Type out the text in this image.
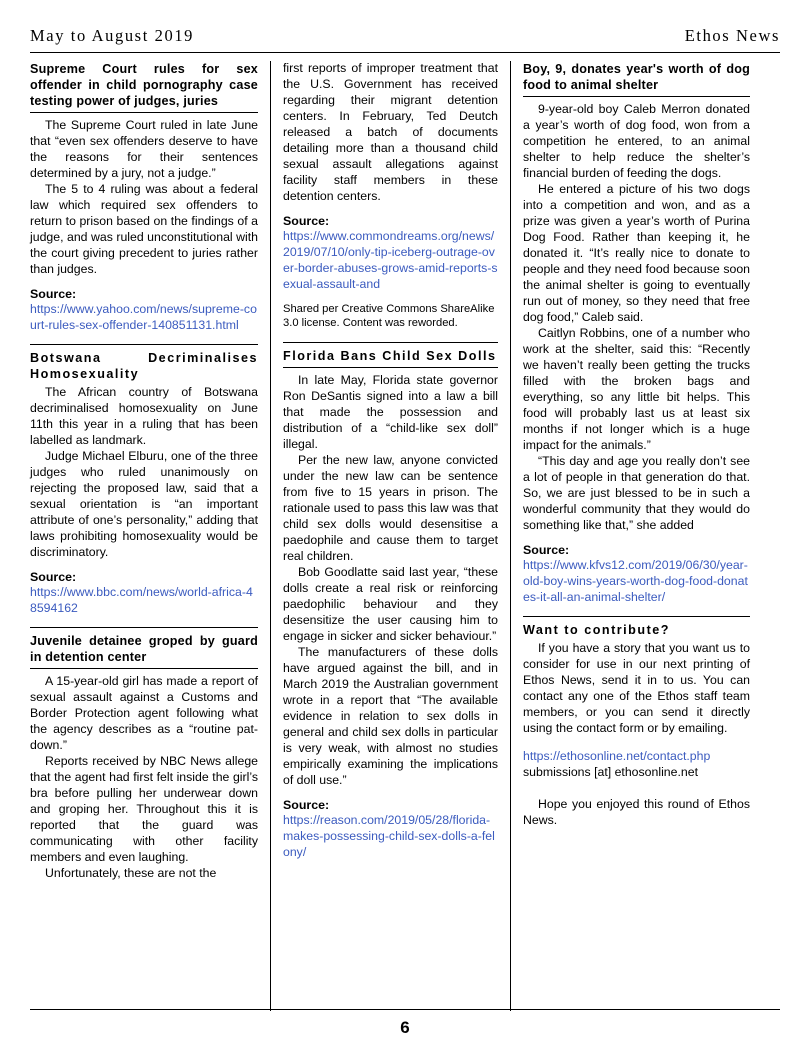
May to August 2019	Ethos News
Supreme Court rules for sex offender in child pornography case testing power of judges, juries

The Supreme Court ruled in late June that “even sex offenders deserve to have the reasons for their sentences determined by a jury, not a judge.”

The 5 to 4 ruling was about a federal law which required sex offenders to return to prison based on the findings of a judge, and was ruled unconstitutional with the court giving precedent to juries rather than judges.

Source:
https://www.yahoo.com/news/supreme-court-rules-sex-offender-140851131.html
Botswana Decriminalises Homosexuality

The African country of Botswana decriminalised homosexuality on June 11th this year in a ruling that has been labelled as landmark.

Judge Michael Elburu, one of the three judges who ruled unanimously on rejecting the proposed law, said that a sexual orientation is “an important attribute of one’s personality,” adding that laws prohibiting homosexuality would be discriminatory.

Source:
https://www.bbc.com/news/world-africa-48594162
Juvenile detainee groped by guard in detention center

A 15-year-old girl has made a report of sexual assault against a Customs and Border Protection agent following what the agency describes as a “routine pat-down.”

Reports received by NBC News allege that the agent had first felt inside the girl’s bra before pulling her underwear down and groping her. Throughout this it is reported that the guard was communicating with other facility members and even laughing.

Unfortunately, these are not the

first reports of improper treatment that the U.S. Government has received regarding their migrant detention centers. In February, Ted Deutch released a batch of documents detailing more than a thousand child sexual assault allegations against facility staff members in these detention centers.

Source:
https://www.commondreams.org/news/2019/07/10/only-tip-iceberg-outrage-over-border-abuses-grows-amid-reports-sexual-assault-and

Shared per Creative Commons ShareAlike 3.0 license. Content was reworded.

Florida Bans Child Sex Dolls

In late May, Florida state governor Ron DeSantis signed into a law a bill that made the possession and distribution of a “child-like sex doll” illegal.

Per the new law, anyone convicted under the new law can be sentence from five to 15 years in prison. The rationale used to pass this law was that child sex dolls would desensitise a paedophile and cause them to target real children.

Bob Goodlatte said last year, “these dolls create a real risk or reinforcing paedophilic behaviour and they desensitize the user causing him to engage in sicker and sicker behaviour.”

The manufacturers of these dolls have argued against the bill, and in March 2019 the Australian government wrote in a report that “The available evidence in relation to sex dolls in general and child sex dolls in particular is very weak, with almost no studies empirically examining the implications of doll use.”

Source:
https://reason.com/2019/05/28/florida-makes-possessing-child-sex-dolls-a-felony/
Boy, 9, donates year's worth of dog food to animal shelter

9-year-old boy Caleb Merron donated a year’s worth of dog food, won from a competition he entered, to an animal shelter to help reduce the shelter’s financial burden of feeding the dogs.

He entered a picture of his two dogs into a competition and won, and as a prize was given a year’s worth of Purina Dog Food. Rather than keeping it, he donated it. “It’s really nice to donate to people and they need food because soon the animal shelter is going to eventually run out of money, so they need that free dog food,” Caleb said.

Caitlyn Robbins, one of a number who work at the shelter, said this: “Recently we haven’t really been getting the trucks filled with the broken bags and everything, so any little bit helps. This food will probably last us at least six months if not longer which is a huge impact for the animals.”

“This day and age you really don’t see a lot of people in that generation do that. So, we are just blessed to be in such a wonderful community that they would do something like that,” she added

Source:
https://www.kfvs12.com/2019/06/30/year-old-boy-wins-years-worth-dog-food-donates-it-all-an-animal-shelter/
Want to contribute?

If you have a story that you want us to consider for use in our next printing of Ethos News, send it in to us. You can contact any one of the Ethos staff team members, or you can send it directly using the contact form or by emailing.

https://ethosonline.net/contact.php

submissions [at] ethosonline.net

Hope you enjoyed this round of Ethos News.

6
